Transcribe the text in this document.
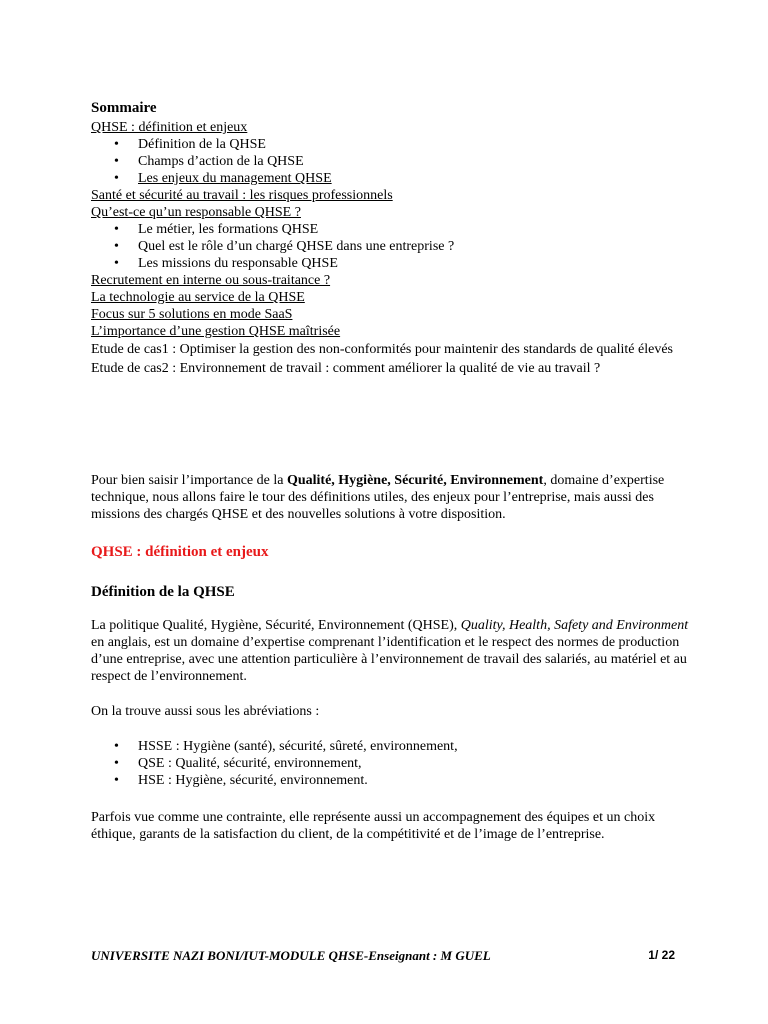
Sommaire
QHSE : définition et enjeux
• Définition de la QHSE
• Champs d’action de la QHSE
• Les enjeux du management QHSE
Santé et sécurité au travail : les risques professionnels
Qu’est-ce qu’un responsable QHSE ?
• Le métier, les formations QHSE
• Quel est le rôle d’un chargé QHSE dans une entreprise ?
• Les missions du responsable QHSE
Recrutement en interne ou sous-traitance ?
La technologie au service de la QHSE
Focus sur 5 solutions en mode SaaS
L’importance d’une gestion QHSE maîtrisée
Etude de cas1 : Optimiser la gestion des non-conformités pour maintenir des standards de qualité élevés
Etude de cas2 : Environnement de travail : comment améliorer la qualité de vie au travail ?

Pour bien saisir l’importance de la Qualité, Hygiène, Sécurité, Environnement, domaine d’expertise technique, nous allons faire le tour des définitions utiles, des enjeux pour l’entreprise, mais aussi des missions des chargés QHSE et des nouvelles solutions à votre disposition.

QHSE : définition et enjeux
Définition de la QHSE

La politique Qualité, Hygiène, Sécurité, Environnement (QHSE), Quality, Health, Safety and Environment en anglais, est un domaine d’expertise comprenant l’identification et le respect des normes de production d’une entreprise, avec une attention particulière à l’environnement de travail des salariés, au matériel et au respect de l’environnement.

On la trouve aussi sous les abréviations :

• HSSE : Hygiène (santé), sécurité, sûreté, environnement,
• QSE : Qualité, sécurité, environnement,
• HSE : Hygiène, sécurité, environnement.

Parfois vue comme une contrainte, elle représente aussi un accompagnement des équipes et un choix éthique, garants de la satisfaction du client, de la compétitivité et de l’image de l’entreprise.

UNIVERSITE NAZI BONI/IUT-MODULE QHSE-Enseignant : M GUEL	1/ 22
